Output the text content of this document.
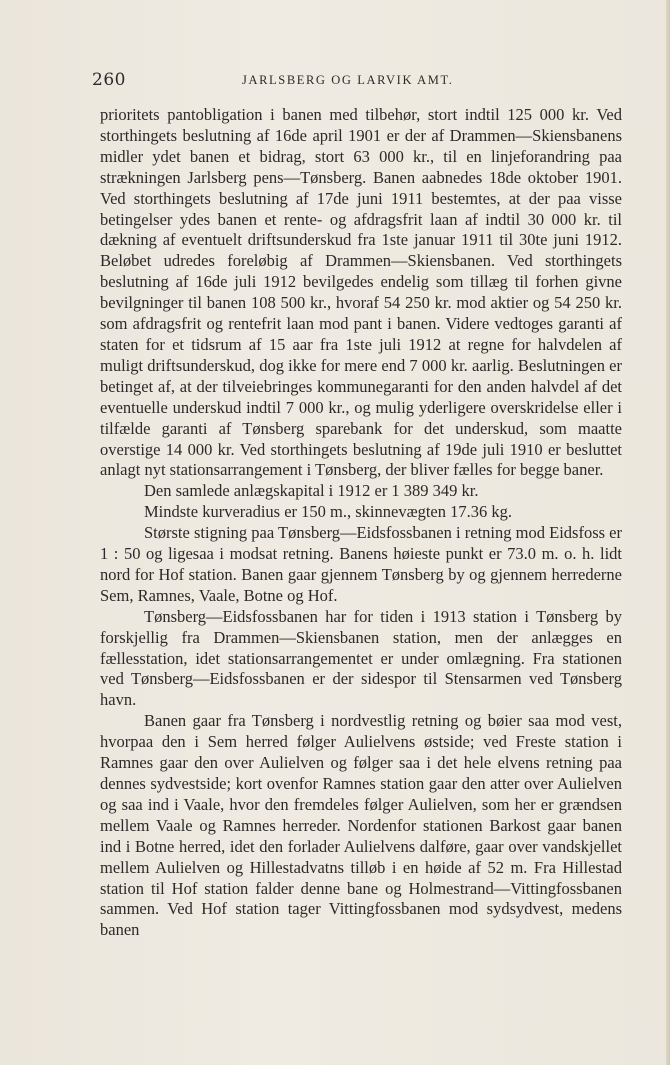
260	JARLSBERG OG LARVIK AMT.

prioritets pantobligation i banen med tilbehør, stort indtil 125 000 kr. Ved storthingets beslutning af 16de april 1901 er der af Drammen—Skiensbanens midler ydet banen et bidrag, stort 63 000 kr., til en linjeforandring paa strækningen Jarlsberg pens—Tønsberg. Banen aabnedes 18de oktober 1901. Ved storthingets beslutning af 17de juni 1911 bestemtes, at der paa visse betingelser ydes banen et rente- og afdragsfrit laan af indtil 30 000 kr. til dækning af eventuelt driftsunderskud fra 1ste januar 1911 til 30te juni 1912. Beløbet udredes foreløbig af Drammen—Skiensbanen. Ved storthingets beslutning af 16de juli 1912 bevilgedes endelig som tillæg til forhen givne bevilgninger til banen 108 500 kr., hvoraf 54 250 kr. mod aktier og 54 250 kr. som afdragsfrit og rentefrit laan mod pant i banen. Videre vedtoges garanti af staten for et tidsrum af 15 aar fra 1ste juli 1912 at regne for halvdelen af muligt driftsunderskud, dog ikke for mere end 7 000 kr. aarlig. Beslutningen er betinget af, at der tilveiebringes kommunegaranti for den anden halvdel af det eventuelle underskud indtil 7 000 kr., og mulig yderligere overskridelse eller i tilfælde garanti af Tønsberg sparebank for det underskud, som maatte overstige 14 000 kr. Ved storthingets beslutning af 19de juli 1910 er besluttet anlagt nyt stationsarrangement i Tønsberg, der bliver fælles for begge baner.

Den samlede anlægskapital i 1912 er 1 389 349 kr.

Mindste kurveradius er 150 m., skinnevægten 17.36 kg.

Største stigning paa Tønsberg—Eidsfossbanen i retning mod Eidsfoss er 1 : 50 og ligesaa i modsat retning. Banens høieste punkt er 73.0 m. o. h. lidt nord for Hof station. Banen gaar gjennem Tønsberg by og gjennem herrederne Sem, Ramnes, Vaale, Botne og Hof.

Tønsberg—Eidsfossbanen har for tiden i 1913 station i Tønsberg by forskjellig fra Drammen—Skiensbanen station, men der anlægges en fællesstation, idet stationsarrangementet er under omlægning. Fra stationen ved Tønsberg—Eidsfossbanen er der sidespor til Stensarmen ved Tønsberg havn.

Banen gaar fra Tønsberg i nordvestlig retning og bøier saa mod vest, hvorpaa den i Sem herred følger Aulielvens østside; ved Freste station i Ramnes gaar den over Aulielven og følger saa i det hele elvens retning paa dennes sydvestside; kort ovenfor Ramnes station gaar den atter over Aulielven og saa ind i Vaale, hvor den fremdeles følger Aulielven, som her er grændsen mellem Vaale og Ramnes herreder. Nordenfor stationen Barkost gaar banen ind i Botne herred, idet den forlader Aulielvens dalføre, gaar over vandskjellet mellem Aulielven og Hillestadvatns tilløb i en høide af 52 m. Fra Hillestad station til Hof station falder denne bane og Holmestrand—Vittingfossbanen sammen. Ved Hof station tager Vittingfossbanen mod sydsydvest, medens banen
